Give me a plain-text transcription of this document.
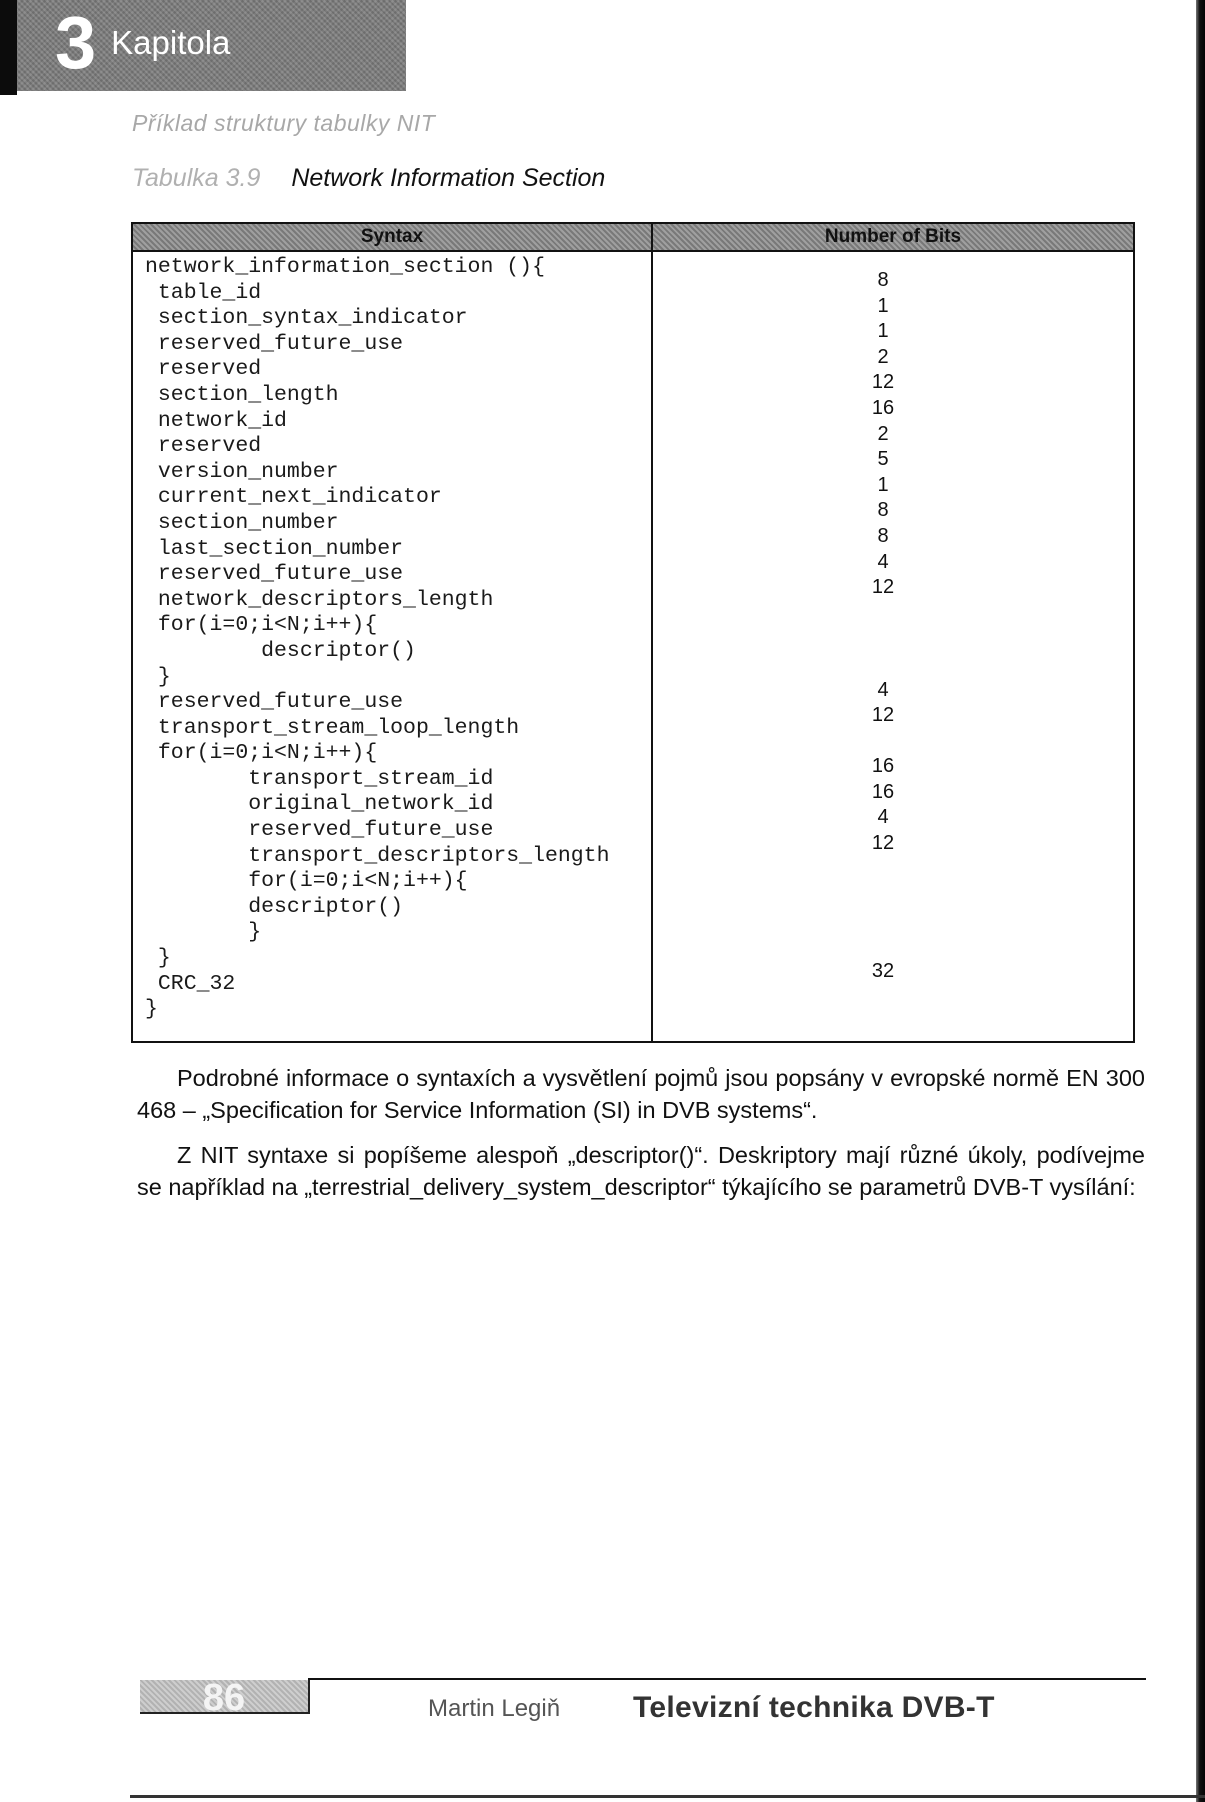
3 Kapitola
Příklad struktury tabulky NIT
Tabulka 3.9 Network Information Section
Syntax	Number of Bits
network_information_section (){
table_id
section_syntax_indicator
reserved_future_use
reserved
section_length
network_id
reserved
version_number
current_next_indicator
section_number
last_section_number
reserved_future_use
network_descriptors_length
for(i=0;i<N;i++){
descriptor()
}
reserved_future_use
transport_stream_loop_length
for(i=0;i<N;i++){
transport_stream_id
original_network_id
reserved_future_use
transport_descriptors_length
for(i=0;i<N;i++){
descriptor()
}
}
CRC_32
}
8
1
1
2
12
16
2
5
1
8
8
4
12
4
12
16
16
4
12
32

Podrobné informace o syntaxích a vysvětlení pojmů jsou popsány v evropské normě EN 300 468 – „Specification for Service Information (SI) in DVB systems“.

Z NIT syntaxe si popíšeme alespoň „descriptor()“. Deskriptory mají různé úkoly, podívejme se například na „terrestrial_delivery_system_descriptor“ týkajícího se parametrů DVB-T vysílání:

86	Martin Legiň Televizní technika DVB-T
